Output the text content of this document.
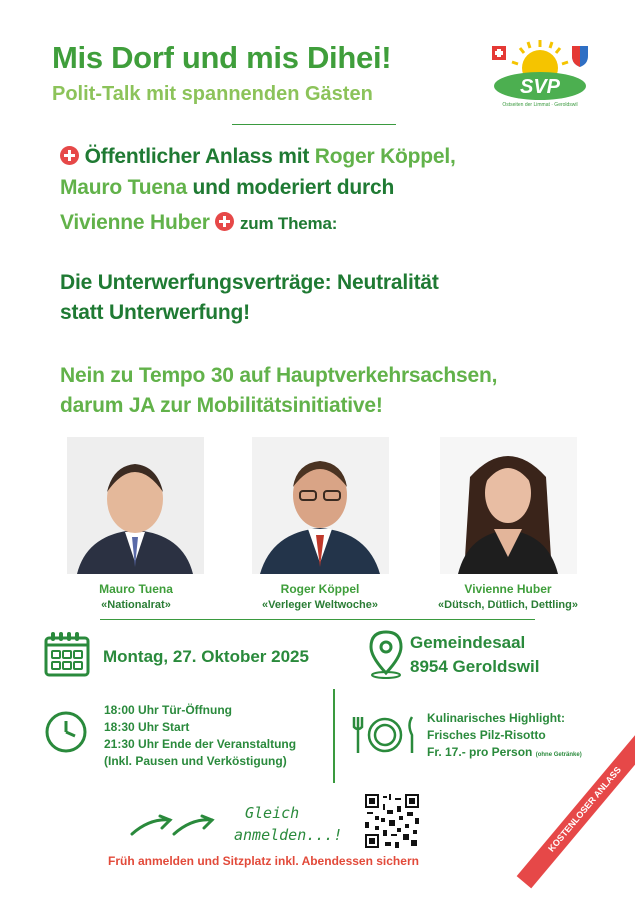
Mis Dorf und mis Dihei!
Polit-Talk mit spannenden Gästen	SVP
Ostseiten der Limmat · Geroldswil
Öffentlicher Anlass mit Roger Köppel,
Mauro Tuena und moderiert durch
Vivienne Huber zum Thema:
Die Unterwerfungsverträge: Neutralität
statt Unterwerfung!
Nein zu Tempo 30 auf Hauptverkehrsachsen,
darum JA zur Mobilitätsinitiative!
Mauro Tuena
«Nationalrat»
Roger Köppel
«Verleger Weltwoche»
Vivienne Huber
«Dütsch, Dütlich, Dettling»
Montag, 27. Oktober 2025
Gemeindesaal
8954 Geroldswil
18:00 Uhr Tür-Öffnung
18:30 Uhr Start
21:30 Uhr Ende der Veranstaltung
(Inkl. Pausen und Verköstigung)
Kulinarisches Highlight:
Frisches Pilz-Risotto
Fr. 17.- pro Person (ohne Getränke)
Gleich
anmelden...!
Früh anmelden und Sitzplatz inkl. Abendessen sichern
KOSTENLOSER ANLASS
